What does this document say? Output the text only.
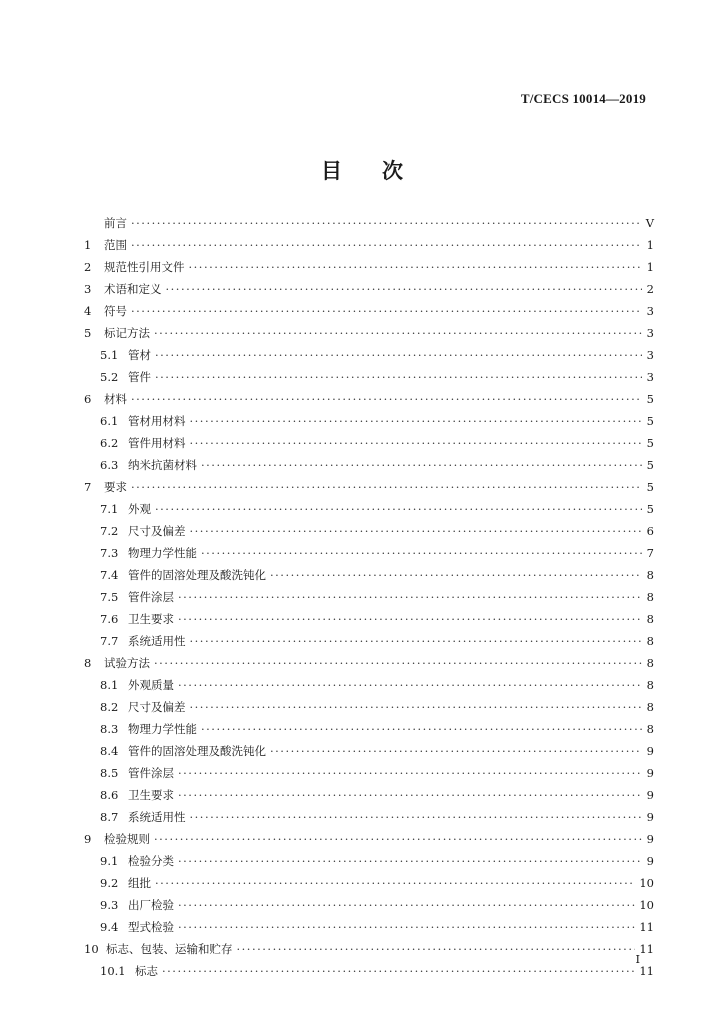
T/CECS 10014—2019
目 次
前言 ·····	V
1	范围 ·····	1
2	规范性引用文件 ·····	1
3	术语和定义 ·····	2
4	符号 ·····	3
5	标记方法 ·····	3
5.1 管材 ·····	3
5.2 管件 ·····	3
6	材料 ·····	5
6.1 管材用材料 ·····	5
6.2 管件用材料 ·····	5
6.3 纳米抗菌材料 ·····	5
7	要求 ·····	5
7.1 外观 ·····	5
7.2 尺寸及偏差 ·····	6
7.3 物理力学性能 ·····	7
7.4 管件的固溶处理及酸洗钝化 ·····	8
7.5 管件涂层 ·····	8
7.6 卫生要求 ·····	8
7.7 系统适用性 ·····	8
8	试验方法 ·····	8
8.1 外观质量 ·····	8
8.2 尺寸及偏差 ·····	8
8.3 物理力学性能 ·····	8
8.4 管件的固溶处理及酸洗钝化 ·····	9
8.5 管件涂层 ·····	9
8.6 卫生要求 ·····	9
8.7 系统适用性 ·····	9
9	检验规则 ·····	9
9.1 检验分类 ·····	9
9.2 组批 ·····	10
9.3 出厂检验 ·····	10
9.4 型式检验 ·····	11
10 标志、包装、运输和贮存 ·····	11
10.1 标志 ·····	11
I
